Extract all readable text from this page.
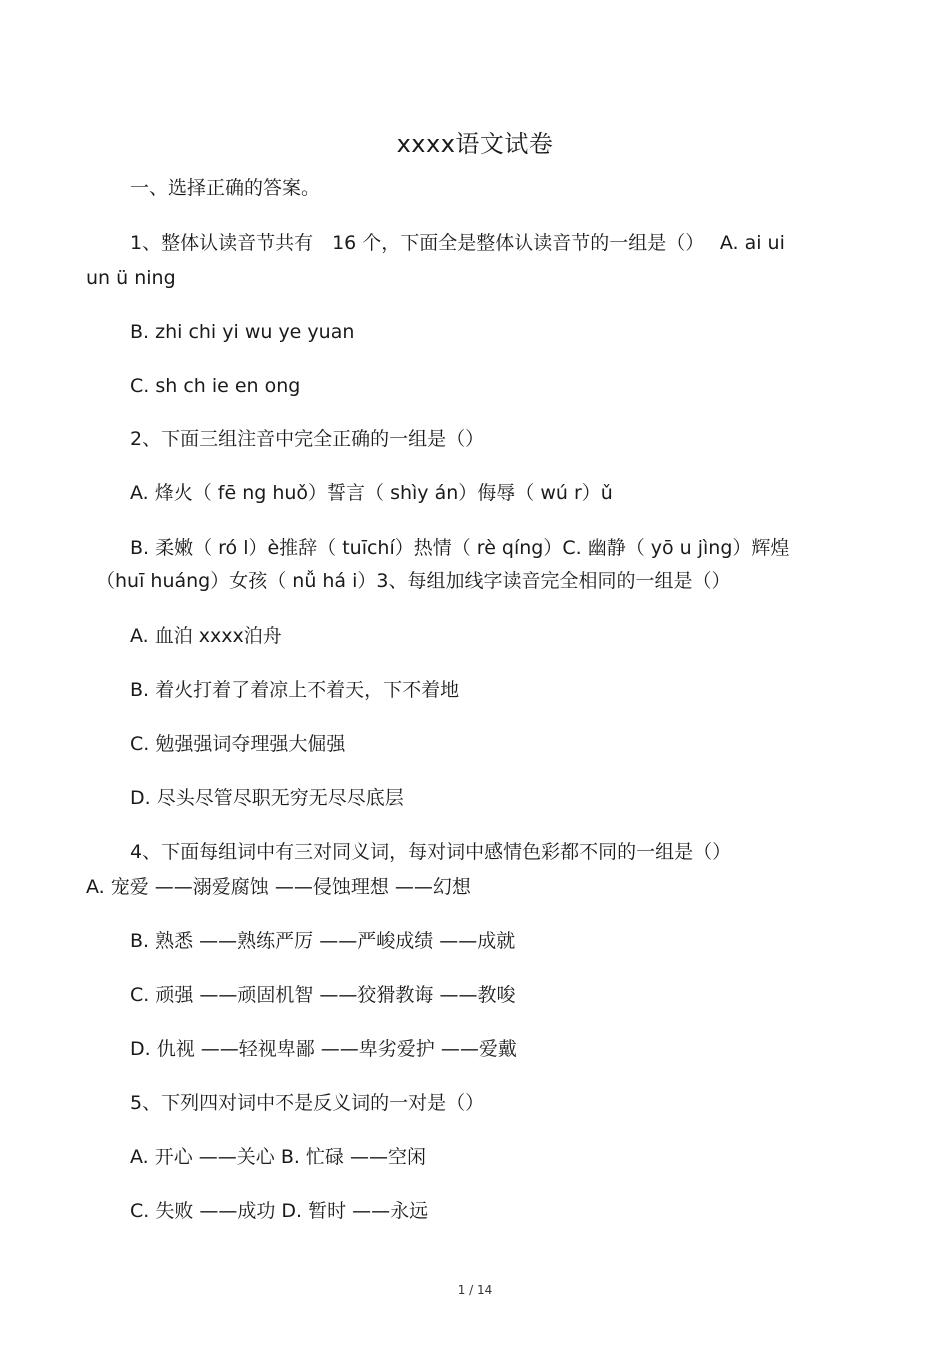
xxxx语文试卷
一、选择正确的答案。
1、整体认读音节共有　16 个，下面全是整体认读音节的一组是（）　 A. ai ui
un ü ning
B. zhi chi yi wu ye yuan
C. sh ch ie en ong
2、下面三组注音中完全正确的一组是（）
A. 烽火（ fē ng huǒ）誓言（ shìy án）侮辱（ wú r）ǔ
B. 柔嫩（ ró l）è推辞（ tuīchí）热情（ rè qíng）C. 幽静（ yō u jìng）辉煌
（huī huáng）女孩（ nǚ há i）3、每组加线字读音完全相同的一组是（）
A. 血泊 xxxx泊舟
B. 着火打着了着凉上不着天，下不着地
C. 勉强强词夺理强大倔强
D. 尽头尽管尽职无穷无尽尽底层
4、下面每组词中有三对同义词，每对词中感情色彩都不同的一组是（）
A. 宠爱 ——溺爱腐蚀 ——侵蚀理想 ——幻想
B. 熟悉 ——熟练严厉 ——严峻成绩 ——成就
C. 顽强 ——顽固机智 ——狡猾教诲 ——教唆
D. 仇视 ——轻视卑鄙 ——卑劣爱护 ——爱戴
5、下列四对词中不是反义词的一对是（）
A. 开心 ——关心 B. 忙碌 ——空闲
C. 失败 ——成功 D. 暂时 ——永远
1 / 14
